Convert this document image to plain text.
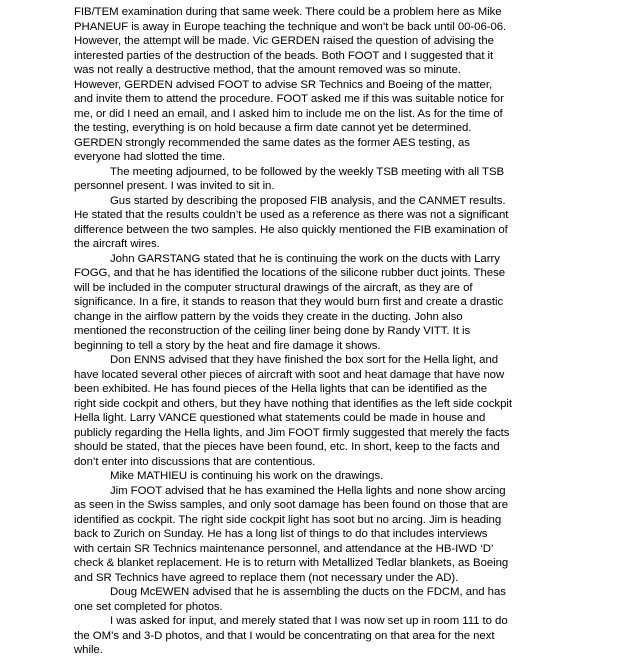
FIB/TEM examination during that same week. There could be a problem here as Mike
PHANEUF is away in Europe teaching the technique and won’t be back until 00-06-06.
However, the attempt will be made. Vic GERDEN raised the question of advising the
interested parties of the destruction of the beads. Both FOOT and I suggested that it
was not really a destructive method, that the amount removed was so minute.
However, GERDEN advised FOOT to advise SR Technics and Boeing of the matter,
and invite them to attend the procedure. FOOT asked me if this was suitable notice for
me, or did I need an email, and I asked him to include me on the list. As for the time of
the testing, everything is on hold because a firm date cannot yet be determined.
GERDEN strongly recommended the same dates as the former AES testing, as
everyone had slotted the time.
The meeting adjourned, to be followed by the weekly TSB meeting with all TSB
personnel present. I was invited to sit in.
Gus started by describing the proposed FIB analysis, and the CANMET results.
He stated that the results couldn’t be used as a reference as there was not a significant
difference between the two samples. He also quickly mentioned the FIB examination of
the aircraft wires.
John GARSTANG stated that he is continuing the work on the ducts with Larry
FOGG, and that he has identified the locations of the silicone rubber duct joints. These
will be included in the computer structural drawings of the aircraft, as they are of
significance. In a fire, it stands to reason that they would burn first and create a drastic
change in the airflow pattern by the voids they create in the ducting. John also
mentioned the reconstruction of the ceiling liner being done by Randy VITT. It is
beginning to tell a story by the heat and fire damage it shows.
Don ENNS advised that they have finished the box sort for the Hella light, and
have located several other pieces of aircraft with soot and heat damage that have now
been exhibited. He has found pieces of the Hella lights that can be identified as the
right side cockpit and others, but they have nothing that identifies as the left side cockpit
Hella light. Larry VANCE questioned what statements could be made in house and
publicly regarding the Hella lights, and Jim FOOT firmly suggested that merely the facts
should be stated, that the pieces have been found, etc. In short, keep to the facts and
don’t enter into discussions that are contentious.
Mike MATHIEU is continuing his work on the drawings.
Jim FOOT advised that he has examined the Hella lights and none show arcing
as seen in the Swiss samples, and only soot damage has been found on those that are
identified as cockpit. The right side cockpit light has soot but no arcing. Jim is heading
back to Zurich on Sunday. He has a long list of things to do that includes interviews
with certain SR Technics maintenance personnel, and attendance at the HB-IWD ‘D’
check & blanket replacement. He is to return with Metallized Tedlar blankets, as Boeing
and SR Technics have agreed to replace them (not necessary under the AD).
Doug McEWEN advised that he is assembling the ducts on the FDCM, and has
one set completed for photos.
I was asked for input, and merely stated that I was now set up in room 111 to do
the OM’s and 3-D photos, and that I would be concentrating on that area for the next
while.
